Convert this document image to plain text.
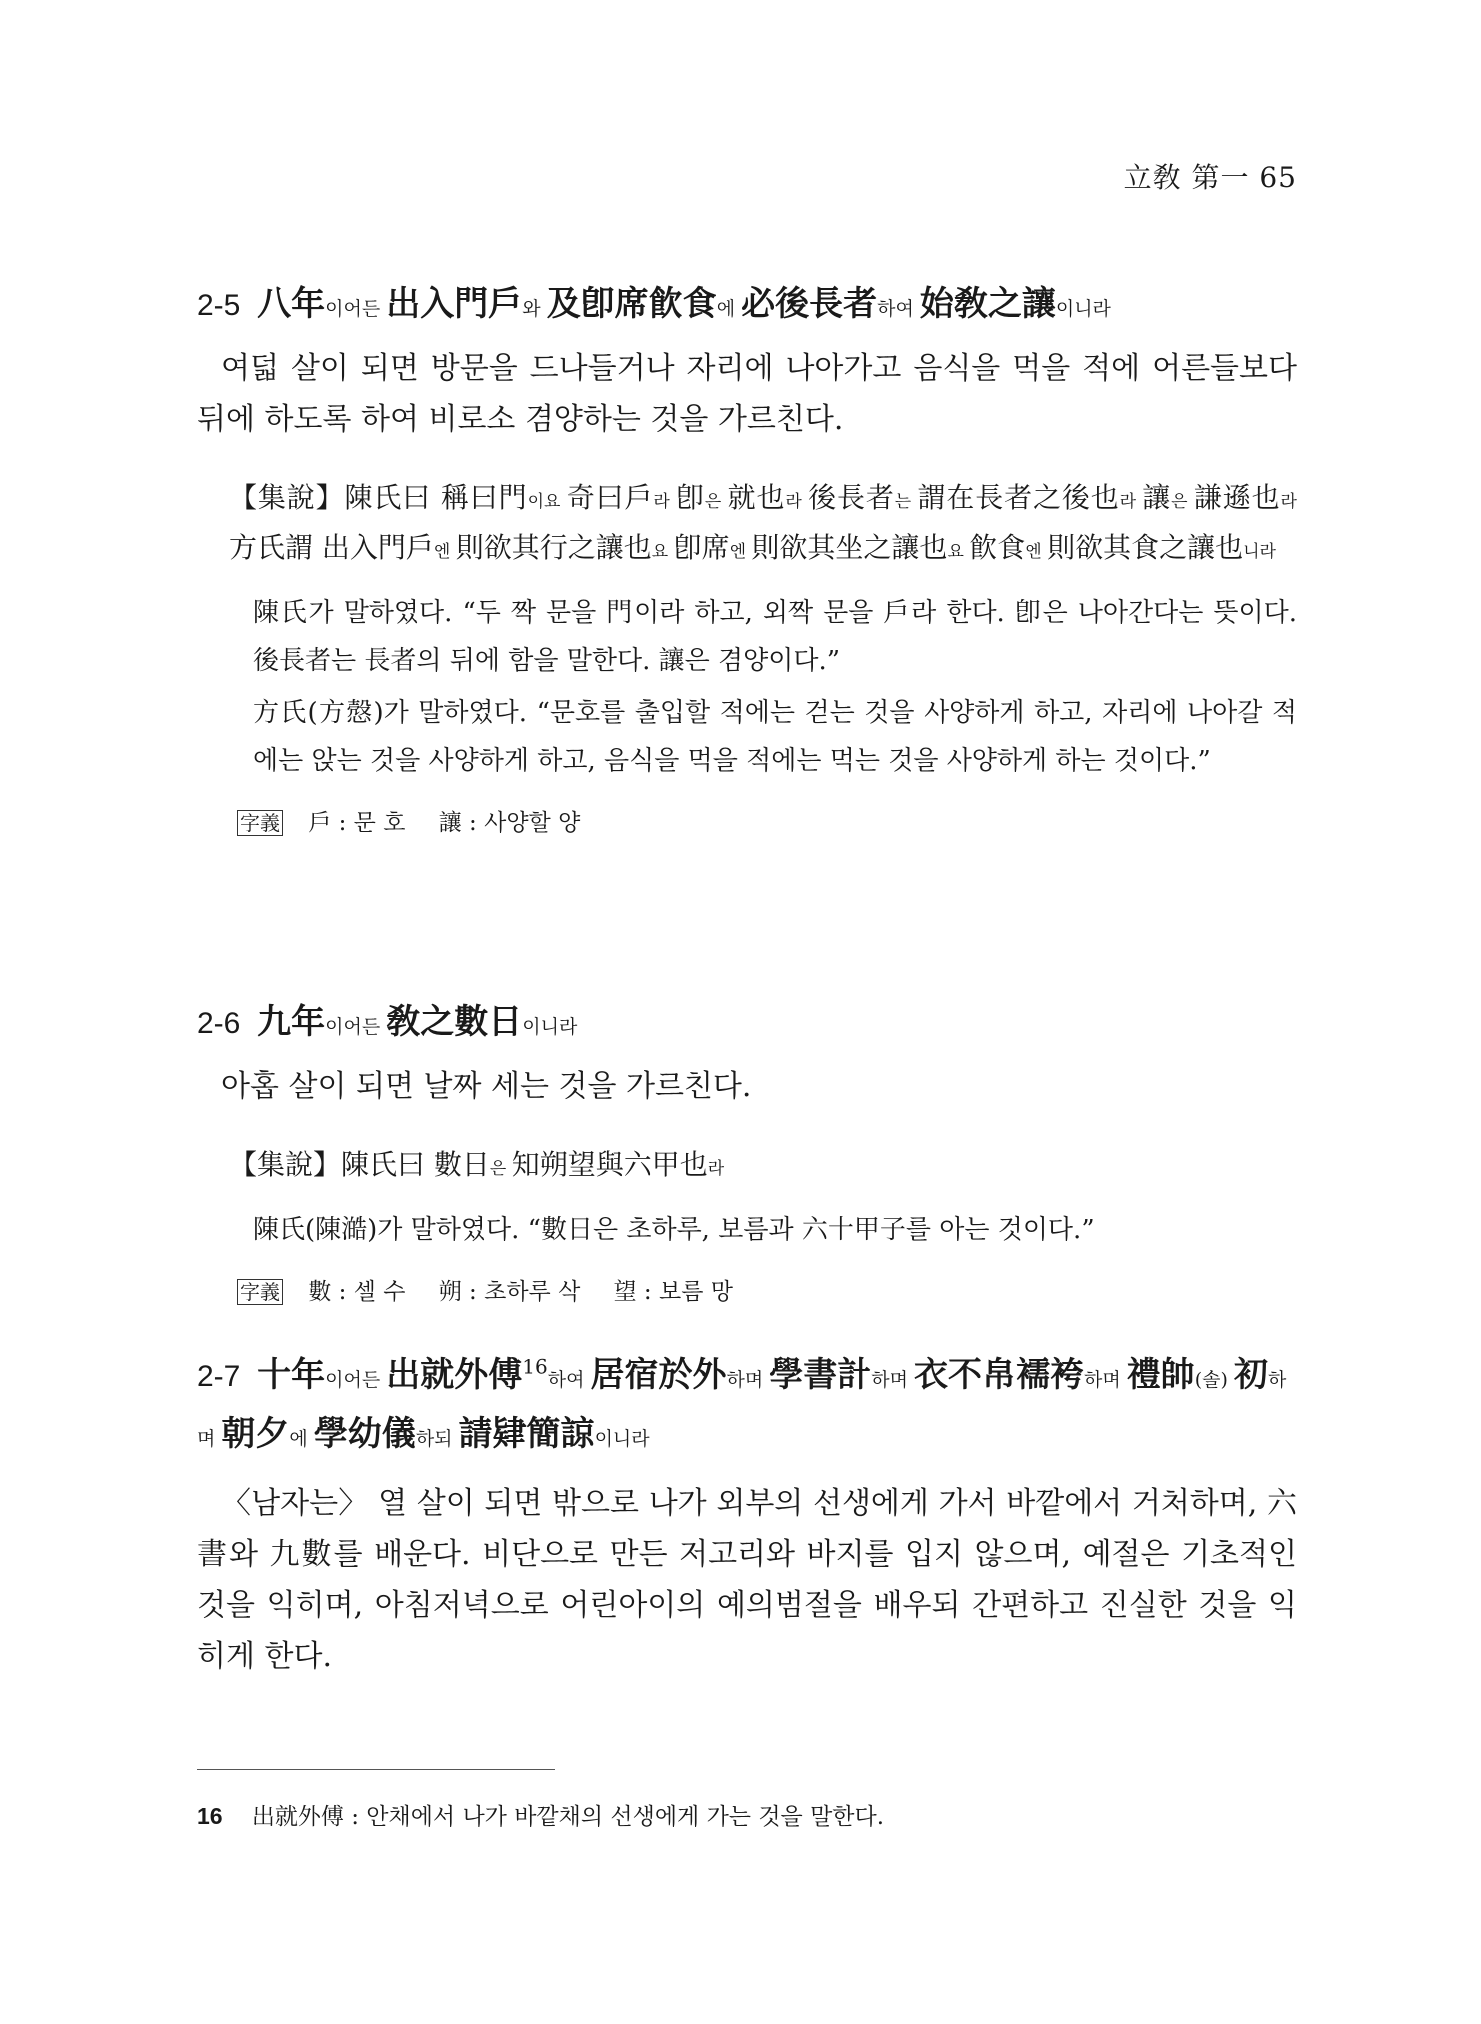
立敎 第一 65

2-5 八年이어든 出入門戶와 及卽席飮食에 必後長者하여 始敎之讓이니라

여덟 살이 되면 방문을 드나들거나 자리에 나아가고 음식을 먹을 적에 어른들보다 뒤에 하도록 하여 비로소 겸양하는 것을 가르친다.

【集說】陳氏曰 稱曰門이요 奇曰戶라 卽은 就也라 後長者는 謂在長者之後也라 讓은 謙遜也라 方氏謂 出入門戶엔 則欲其行之讓也요 卽席엔 則欲其坐之讓也요 飮食엔 則欲其食之讓也니라

陳氏가 말하였다. “두 짝 문을 門이라 하고, 외짝 문을 戶라 한다. 卽은 나아간다는 뜻이다. 後長者는 長者의 뒤에 함을 말한다. 讓은 겸양이다.”

方氏(方慤)가 말하였다. “문호를 출입할 적에는 걷는 것을 사양하게 하고, 자리에 나아갈 적에는 앉는 것을 사양하게 하고, 음식을 먹을 적에는 먹는 것을 사양하게 하는 것이다.”

字義 戶 : 문 호 讓 : 사양할 양

2-6 九年이어든 敎之數日이니라

아홉 살이 되면 날짜 세는 것을 가르친다.

【集說】陳氏曰 數日은 知朔望與六甲也라

陳氏(陳澔)가 말하였다. “數日은 초하루, 보름과 六十甲子를 아는 것이다.”

字義 數 : 셀 수 朔 : 초하루 삭 望 : 보름 망

2-7 十年이어든 出就外傅$^{16}$하여 居宿於外하며 學書計하며 衣不帛襦袴하며 禮帥(솔) 初하며 朝夕에 學幼儀하되 請肄簡諒이니라

〈남자는〉 열 살이 되면 밖으로 나가 외부의 선생에게 가서 바깥에서 거처하며, 六書와 九數를 배운다. 비단으로 만든 저고리와 바지를 입지 않으며, 예절은 기초적인 것을 익히며, 아침저녁으로 어린아이의 예의범절을 배우되 간편하고 진실한 것을 익히게 한다.

16 出就外傅 : 안채에서 나가 바깥채의 선생에게 가는 것을 말한다.
